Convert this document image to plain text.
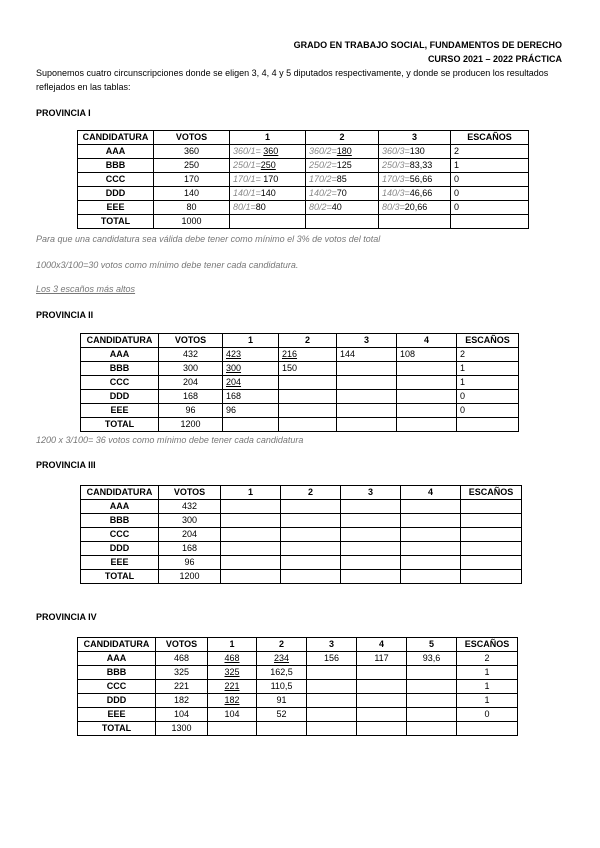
GRADO EN TRABAJO SOCIAL, FUNDAMENTOS DE DERECHO
CURSO 2021 – 2022 PRÁCTICA
Suponemos cuatro circunscripciones donde se eligen 3, 4, 4 y 5 diputados respectivamente, y donde se producen los resultados reflejados en las tablas:
PROVINCIA I
CANDIDATURA	VOTOS	1	2	3	ESCAÑOS
AAA	360	360/1= 360	360/2=180	360/3=130	2
BBB	250	250/1=250	250/2=125	250/3=83,33	1
CCC	170	170/1= 170	170/2=85	170/3=56,66	0
DDD	140	140/1=140	140/2=70	140/3=46,66	0
EEE	80	80/1=80	80/2=40	80/3=20,66	0
TOTAL	1000				
Para que una candidatura sea válida debe tener como mínimo el 3% de votos del total
1000x3/100=30 votos como mínimo debe tener cada candidatura.
Los 3 escaños más altos
PROVINCIA II
CANDIDATURA	VOTOS	1	2	3	4	ESCAÑOS
AAA	432	423	216	144	108	2
BBB	300	300	150			1
CCC	204	204				1
DDD	168	168				0
EEE	96	96				0
TOTAL	1200					
1200 x 3/100= 36 votos como mínimo debe tener cada candidatura
PROVINCIA III
CANDIDATURA	VOTOS	1	2	3	4	ESCAÑOS
AAA	432					
BBB	300					
CCC	204					
DDD	168					
EEE	96					
TOTAL	1200					
PROVINCIA IV
CANDIDATURA	VOTOS	1	2	3	4	5	ESCAÑOS
AAA	468	468	234	156	117	93,6	2
BBB	325	325	162,5				1
CCC	221	221	110,5				1
DDD	182	182	91				1
EEE	104	104	52				0
TOTAL	1300						
